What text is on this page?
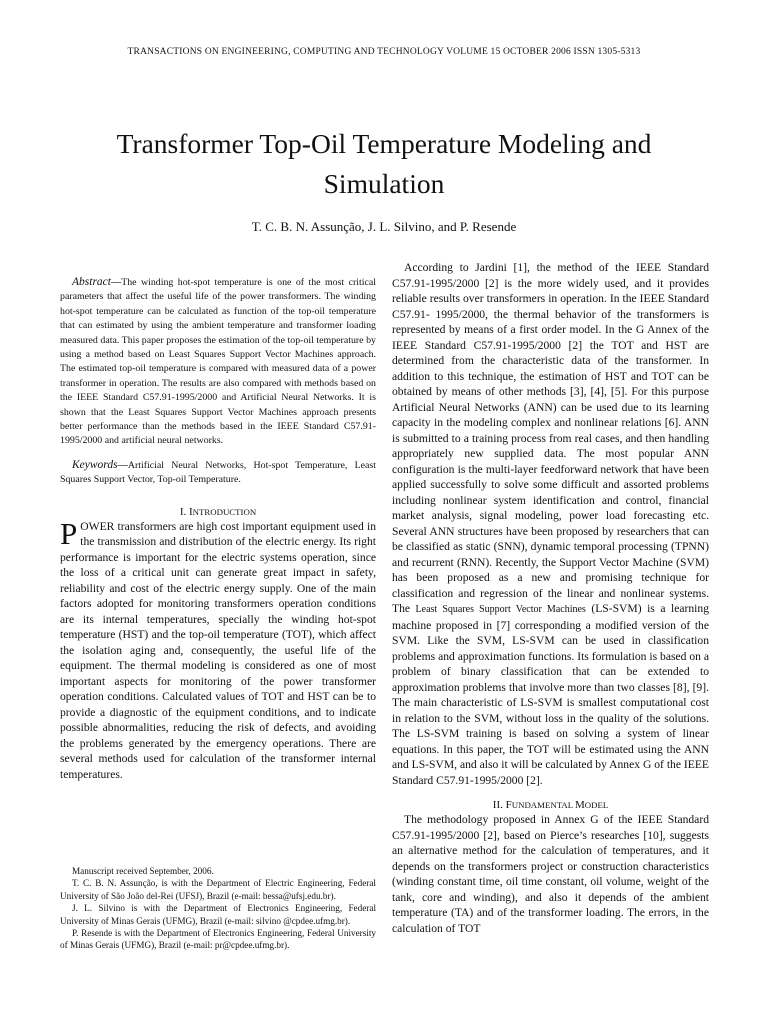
TRANSACTIONS ON ENGINEERING, COMPUTING AND TECHNOLOGY VOLUME 15 OCTOBER 2006 ISSN 1305-5313
Transformer Top-Oil Temperature Modeling and Simulation
T. C. B. N. Assunção, J. L. Silvino, and P. Resende

Abstract—The winding hot-spot temperature is one of the most critical parameters that affect the useful life of the power transformers. The winding hot-spot temperature can be calculated as function of the top-oil temperature that can estimated by using the ambient temperature and transformer loading measured data. This paper proposes the estimation of the top-oil temperature by using a method based on Least Squares Support Vector Machines approach. The estimated top-oil temperature is compared with measured data of a power transformer in operation. The results are also compared with methods based on the IEEE Standard C57.91-1995/2000 and Artificial Neural Networks. It is shown that the Least Squares Support Vector Machines approach presents better performance than the methods based in the IEEE Standard C57.91-1995/2000 and artificial neural networks.

Keywords—Artificial Neural Networks, Hot-spot Temperature, Least Squares Support Vector, Top-oil Temperature.

I. INTRODUCTION

POWER transformers are high cost important equipment used in the transmission and distribution of the electric energy. Its right performance is important for the electric systems operation, since the loss of a critical unit can generate great impact in safety, reliability and cost of the electric energy supply. One of the main factors adopted for monitoring transformers operation conditions are its internal temperatures, specially the winding hot-spot temperature (HST) and the top-oil temperature (TOT), which affect the isolation aging and, consequently, the useful life of the equipment. The thermal modeling is considered as one of most important aspects for monitoring of the power transformer operation conditions. Calculated values of TOT and HST can be to provide a diagnostic of the equipment conditions, and to indicate possible abnormalities, reducing the risk of defects, and avoiding the problems generated by the emergency operations. There are several methods used for calculation of the transformer internal temperatures.

Manuscript received September, 2006.

T. C. B. N. Assunção, is with the Department of Electric Engineering, Federal University of São João del-Rei (UFSJ), Brazil (e-mail: bessa@ufsj.edu.br).

J. L. Silvino is with the Department of Electronics Engineering, Federal University of Minas Gerais (UFMG), Brazil (e-mail: silvino @cpdee.ufmg.br).

P. Resende is with the Department of Electronics Engineering, Federal University of Minas Gerais (UFMG), Brazil (e-mail: pr@cpdee.ufmg.br).

According to Jardini [1], the method of the IEEE Standard C57.91-1995/2000 [2] is the more widely used, and it provides reliable results over transformers in operation. In the IEEE Standard C57.91- 1995/2000, the thermal behavior of the transformers is represented by means of a first order model. In the G Annex of the IEEE Standard C57.91-1995/2000 [2] the TOT and HST are determined from the characteristic data of the transformer. In addition to this technique, the estimation of HST and TOT can be obtained by means of other methods [3], [4], [5]. For this purpose Artificial Neural Networks (ANN) can be used due to its learning capacity in the modeling complex and nonlinear relations [6]. ANN is submitted to a training process from real cases, and then handling appropriately new supplied data. The most popular ANN configuration is the multi-layer feedforward network that have been applied successfully to solve some difficult and assorted problems including nonlinear system identification and control, financial market analysis, signal modeling, power load forecasting etc. Several ANN structures have been proposed by researchers that can be classified as static (SNN), dynamic temporal processing (TPNN) and recurrent (RNN). Recently, the Support Vector Machine (SVM) has been proposed as a new and promising technique for classification and regression of the linear and nonlinear systems. The Least Squares Support Vector Machines (LS-SVM) is a learning machine proposed in [7] corresponding a modified version of the SVM. Like the SVM, LS-SVM can be used in classification problems and approximation functions. Its formulation is based on a problem of binary classification that can be extended to approximation problems that involve more than two classes [8], [9]. The main characteristic of LS-SVM is smallest computational cost in relation to the SVM, without loss in the quality of the solutions. The LS-SVM training is based on solving a system of linear equations. In this paper, the TOT will be estimated using the ANN and LS-SVM, and also it will be calculated by Annex G of the IEEE Standard C57.91-1995/2000 [2].

II. FUNDAMENTAL MODEL

The methodology proposed in Annex G of the IEEE Standard C57.91-1995/2000 [2], based on Pierce’s researches [10], suggests an alternative method for the calculation of temperatures, and it depends on the transformers project or construction characteristics (winding constant time, oil time constant, oil volume, weight of the tank, core and winding), and also it depends of the ambient temperature (TA) and of the transformer loading. The errors, in the calculation of TOT
